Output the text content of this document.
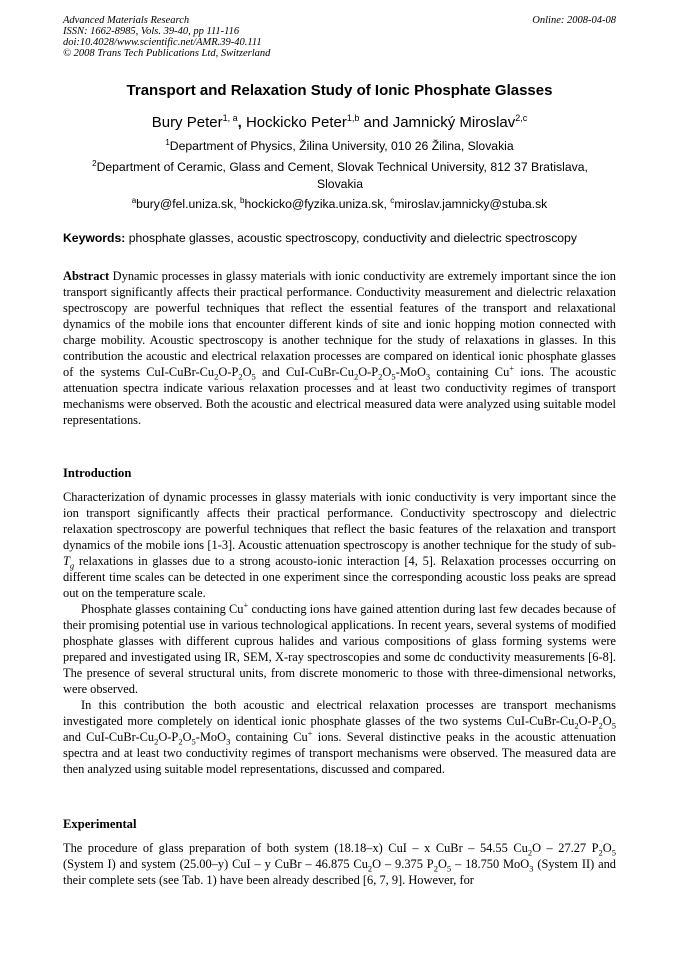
Advanced Materials Research
ISSN: 1662-8985, Vols. 39-40, pp 111-116
doi:10.4028/www.scientific.net/AMR.39-40.111
© 2008 Trans Tech Publications Ltd, Switzerland
Online: 2008-04-08
Transport and Relaxation Study of Ionic Phosphate Glasses
Bury Peter$^{1, a}$, Hockicko Peter$^{1,b}$ and Jamnický Miroslav$^{2,c}$
$^1$Department of Physics, Žilina University, 010 26 Žilina, Slovakia
$^2$Department of Ceramic, Glass and Cement, Slovak Technical University, 812 37 Bratislava, Slovakia
$^a$bury@fel.uniza.sk, $^b$hockicko@fyzika.uniza.sk, $^c$miroslav.jamnicky@stuba.sk
Keywords: phosphate glasses, acoustic spectroscopy, conductivity and dielectric spectroscopy

Abstract Dynamic processes in glassy materials with ionic conductivity are extremely important since the ion transport significantly affects their practical performance. Conductivity measurement and dielectric relaxation spectroscopy are powerful techniques that reflect the essential features of the transport and relaxational dynamics of the mobile ions that encounter different kinds of site and ionic hopping motion connected with charge mobility. Acoustic spectroscopy is another technique for the study of relaxations in glasses. In this contribution the acoustic and electrical relaxation processes are compared on identical ionic phosphate glasses of the systems CuI-$CuBr-Cu_2O-P_2O_5$ and CuI-$CuBr-Cu_2O-P_2O_5-MoO_3$ containing Cu+ ions. The acoustic attenuation spectra indicate various relaxation processes and at least two conductivity regimes of transport mechanisms were observed. Both the acoustic and electrical measured data were analyzed using suitable model representations.

Introduction

Characterization of dynamic processes in glassy materials with ionic conductivity is very important since the ion transport significantly affects their practical performance. Conductivity spectroscopy and dielectric relaxation spectroscopy are powerful techniques that reflect the basic features of the relaxation and transport dynamics of the mobile ions [1-3]. Acoustic attenuation spectroscopy is another technique for the study of sub-$T_g$ relaxations in glasses due to a strong acousto-ionic interaction [4, 5]. Relaxation processes occurring on different time scales can be detected in one experiment since the corresponding acoustic loss peaks are spread out on the temperature scale.

Phosphate glasses containing Cu+ conducting ions have gained attention during last few decades because of their promising potential use in various technological applications. In recent years, several systems of modified phosphate glasses with different cuprous halides and various compositions of glass forming systems were prepared and investigated using IR, SEM, X-ray spectroscopies and some dc conductivity measurements [6-8]. The presence of several structural units, from discrete monomeric to those with three-dimensional networks, were observed.

In this contribution the both acoustic and electrical relaxation processes are transport mechanisms investigated more completely on identical ionic phosphate glasses of the two systems CuI-$CuBr-Cu_2O-P_2O_5$ and CuI-$CuBr-Cu_2O-P_2O_5-MoO_3$ containing Cu+ ions. Several distinctive peaks in the acoustic attenuation spectra and at least two conductivity regimes of transport mechanisms were observed. The measured data are then analyzed using suitable model representations, discussed and compared.

Experimental

The procedure of glass preparation of both system (18.18–x) CuI – x CuBr – 54.55 $Cu_2O - 27.27$ $P_2O_5$ (System I) and system (25.00–y) CuI – y CuBr – 46.875 $Cu_2O - 9.375$ $P_2O_5 - 18.750$ MoO$_3$ (System II) and their complete sets (see Tab. 1) have been already described [6, 7, 9]. However, for
